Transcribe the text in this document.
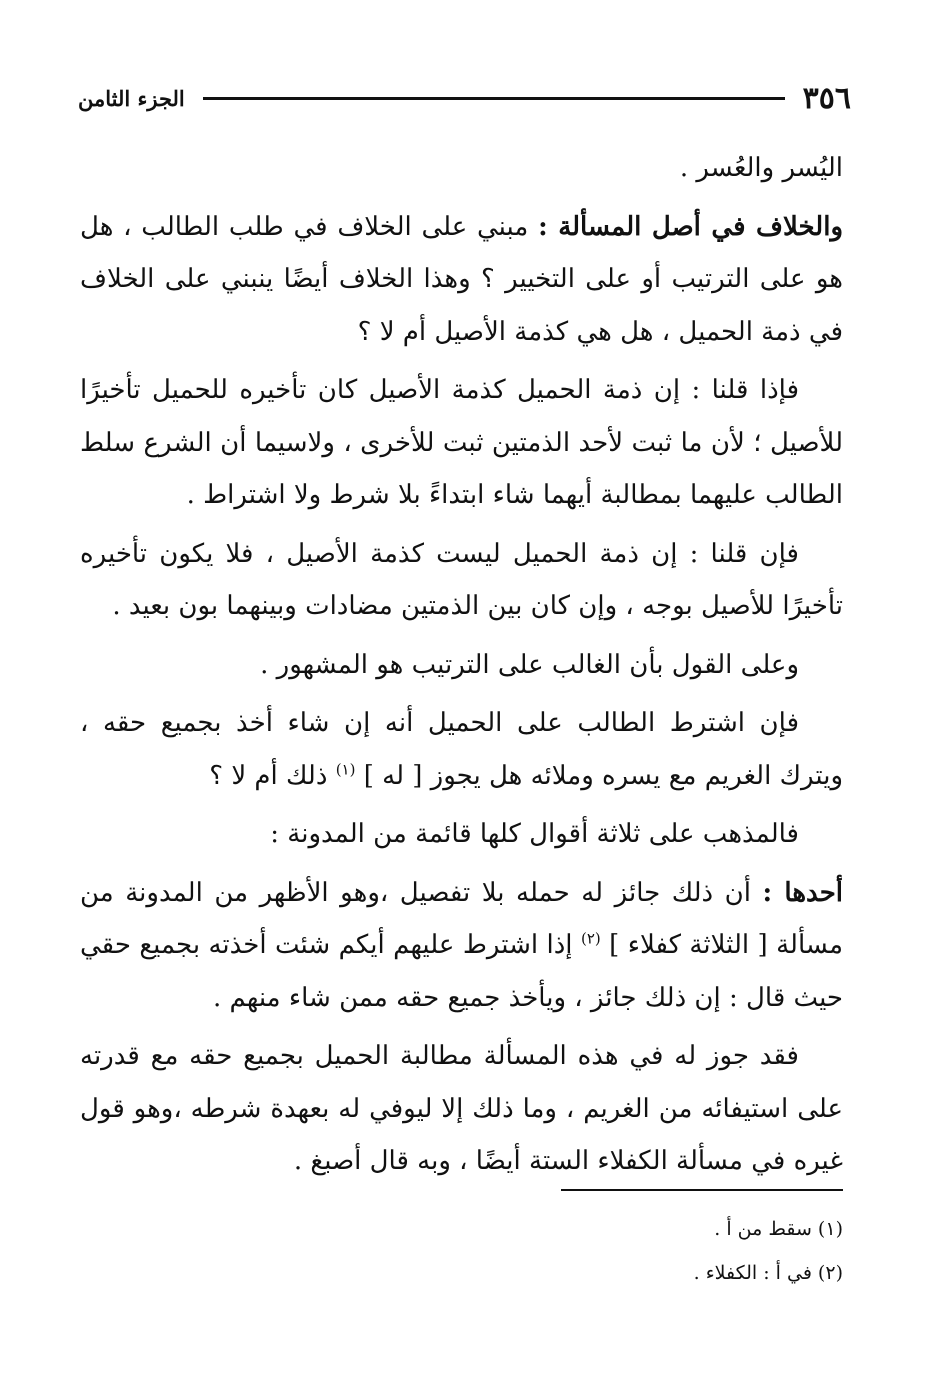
٣٥٦
الجزء الثامن

اليُسر والعُسر .

والخلاف في أصل المسألة : مبني على الخلاف في طلب الطالب ، هل هو على الترتيب أو على التخيير ؟ وهذا الخلاف أيضًا ينبني على الخلاف في ذمة الحميل ، هل هي كذمة الأصيل أم لا ؟

فإذا قلنا : إن ذمة الحميل كذمة الأصيل كان تأخيره للحميل تأخيرًا للأصيل ؛ لأن ما ثبت لأحد الذمتين ثبت للأخرى ، ولاسيما أن الشرع سلط الطالب عليهما بمطالبة أيهما شاء ابتداءً بلا شرط ولا اشتراط .

فإن قلنا : إن ذمة الحميل ليست كذمة الأصيل ، فلا يكون تأخيره تأخيرًا للأصيل بوجه ، وإن كان بين الذمتين مضادات وبينهما بون بعيد .

وعلى القول بأن الغالب على الترتيب هو المشهور .

فإن اشترط الطالب على الحميل أنه إن شاء أخذ بجميع حقه ، ويترك الغريم مع يسره وملائه هل يجوز [ له ] $^{(١)}$ ذلك أم لا ؟

فالمذهب على ثلاثة أقوال كلها قائمة من المدونة :

أحدها : أن ذلك جائز له حمله بلا تفصيل ،وهو الأظهر من المدونة من مسألة [ الثلاثة كفلاء ] $^{(٢)}$ إذا اشترط عليهم أيكم شئت أخذته بجميع حقي حيث قال : إن ذلك جائز ، ويأخذ جميع حقه ممن شاء منهم .

فقد جوز له في هذه المسألة مطالبة الحميل بجميع حقه مع قدرته على استيفائه من الغريم ، وما ذلك إلا ليوفي له بعهدة شرطه ،وهو قول غيره في مسألة الكفلاء الستة أيضًا ، وبه قال أصبغ .

(١) سقط من أ .

(٢) في أ : الكفلاء .
